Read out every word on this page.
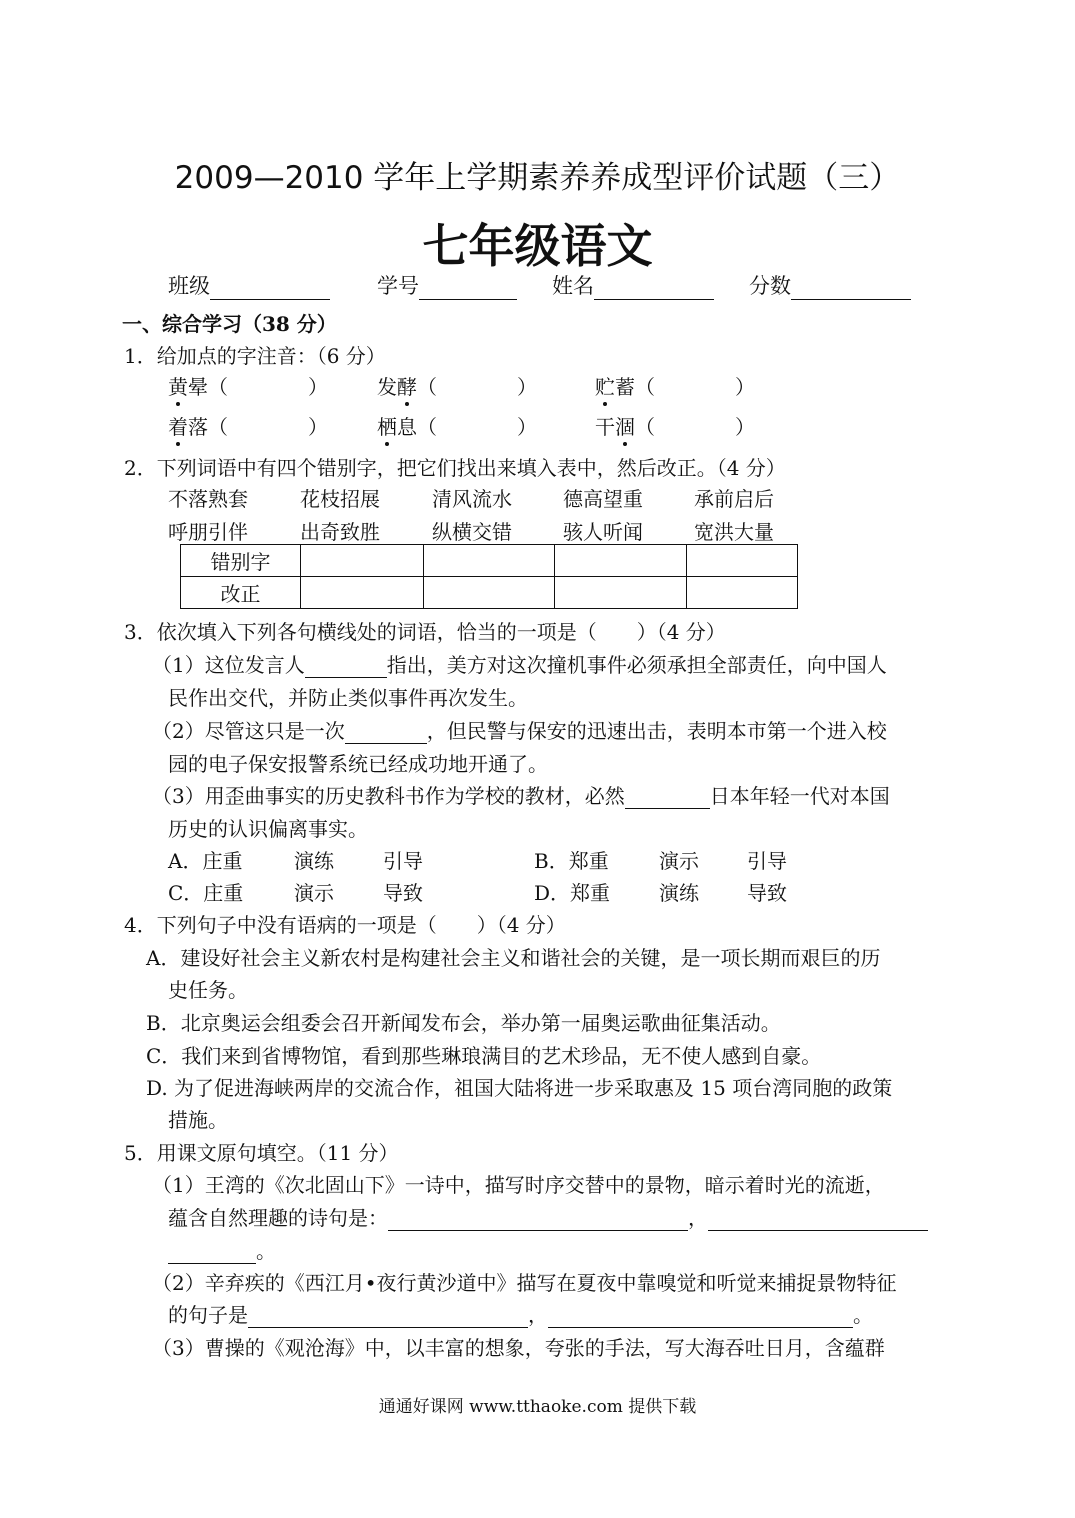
2009—2010 学年上学期素养养成型评价试题（三）
七年级语文
班级	学号	姓名	分数
一、综合学习（38 分）
1．给加点的字注音：（6 分）
黄晕（　　　　） 发酵（　　　　）	贮蓄（　　　　）
着落（　　　　） 栖息（　　　　）	干涸（　　　　）
2．下列词语中有四个错别字，把它们找出来填入表中，然后改正。（4 分）
不落熟套	花枝招展	清风流水	德高望重	承前启后
呼朋引伴	出奇致胜	纵横交错	骇人听闻	宽洪大量
错别字				
改正				
3．依次填入下列各句横线处的词语，恰当的一项是（　　）（4 分）
（1）这位发言人	指出，美方对这次撞机事件必须承担全部责任，向中国人
民作出交代，并防止类似事件再次发生。
（2）尽管这只是一次	，但民警与保安的迅速出击，表明本市第一个进入校
园的电子保安报警系统已经成功地开通了。
（3）用歪曲事实的历史教科书作为学校的教材，必然	日本年轻一代对本国
历史的认识偏离事实。
A．庄重	演练 引导	B．郑重	演示 引导
C．庄重	演示 导致	D．郑重 演练 导致
4．下列句子中没有语病的一项是（　　）（4 分）
A．建设好社会主义新农村是构建社会主义和谐社会的关键，是一项长期而艰巨的历
史任务。
B．北京奥运会组委会召开新闻发布会，举办第一届奥运歌曲征集活动。
C．我们来到省博物馆，看到那些琳琅满目的艺术珍品，无不使人感到自豪。
D. 为了促进海峡两岸的交流合作，祖国大陆将进一步采取惠及 15 项台湾同胞的政策
措施。
5．用课文原句填空。（11 分）
（1）王湾的《次北固山下》一诗中，描写时序交替中的景物，暗示着时光的流逝，
蕴含自然理趣的诗句是：	，
。
（2）辛弃疾的《西江月•夜行黄沙道中》描写在夏夜中靠嗅觉和听觉来捕捉景物特征
的句子是	，	。
（3）曹操的《观沧海》中，以丰富的想象，夸张的手法，写大海吞吐日月，含蕴群
通通好课网 www.tthaoke.com 提供下载
